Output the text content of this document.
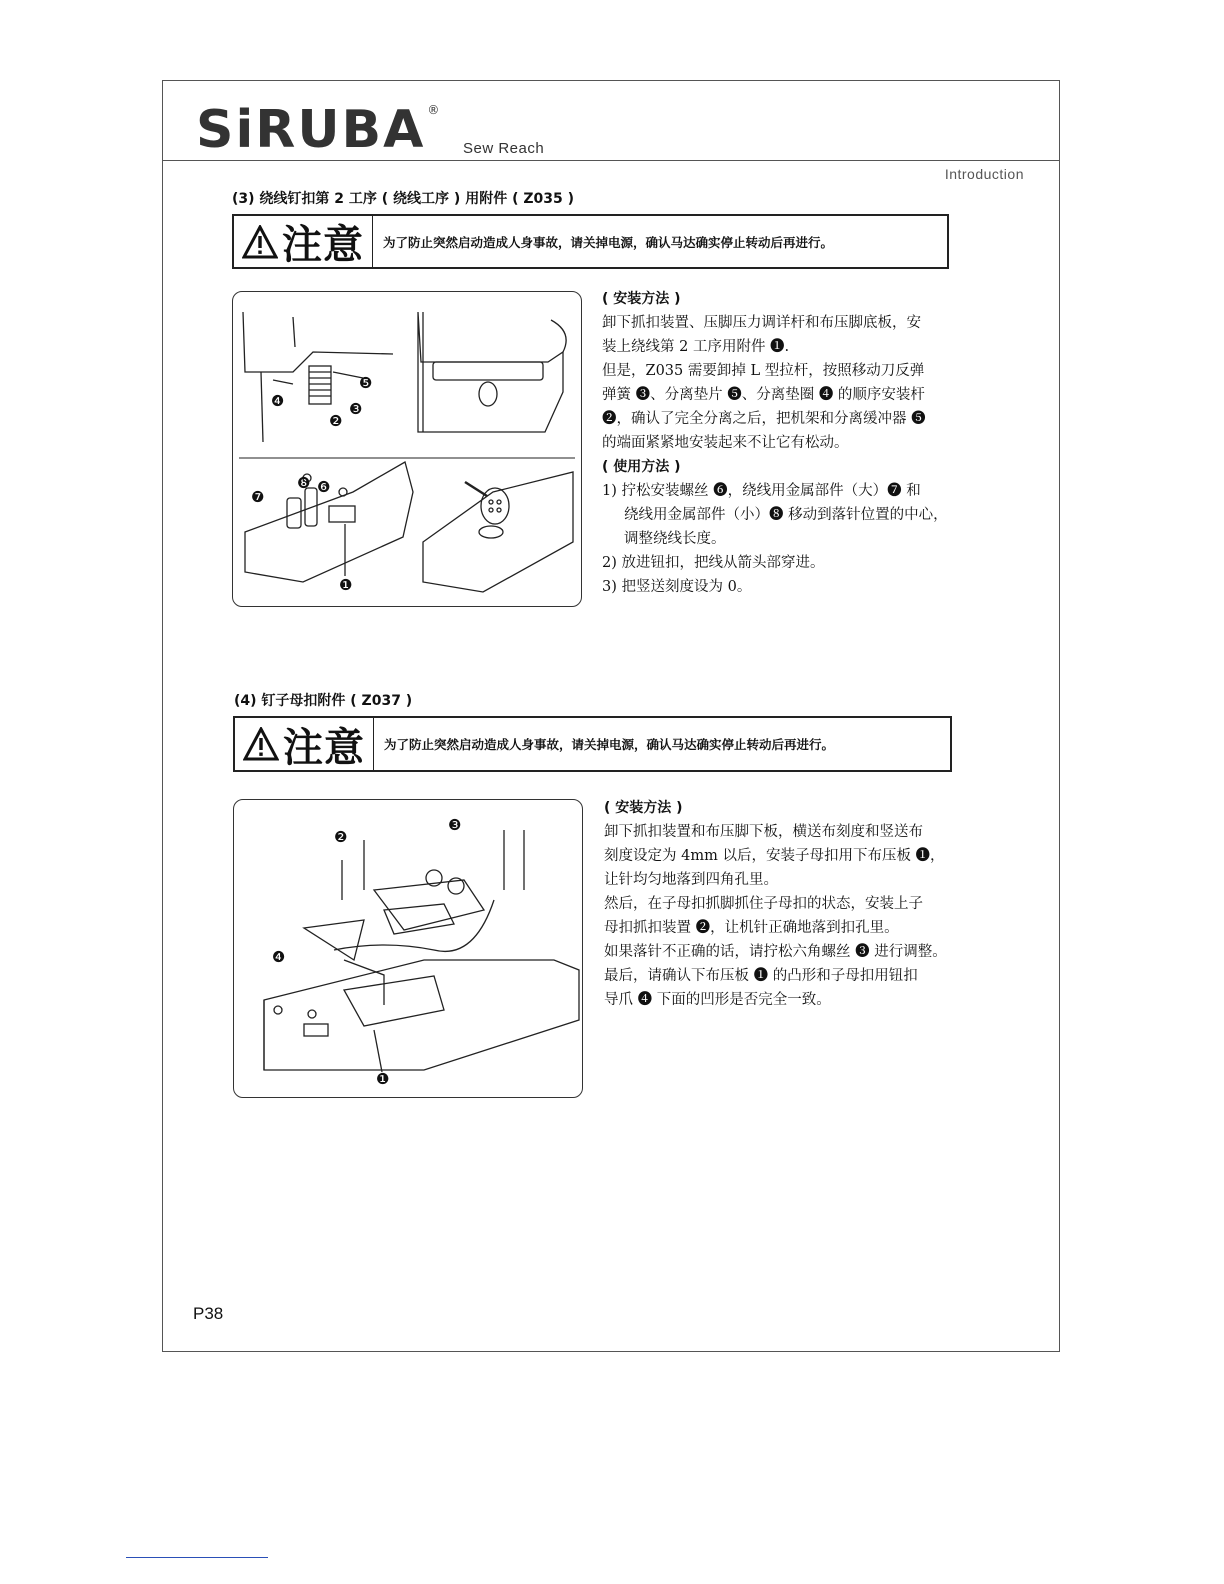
SiRUBA ®
Sew Reach
Introduction
(3) 绕线钉扣第 2 工序 ( 绕线工序 ) 用附件 ( Z035 )
注意	为了防止突然启动造成人身事故，请关掉电源，确认马达确实停止转动后再进行。
❺
❹	❸
❷
❽ ❻
❼
❶
( 安装方法 )
卸下抓扣装置、压脚压力调详杆和布压脚底板，安
装上绕线第 2 工序用附件 ❶.
但是，Z035 需要卸掉 L 型拉杆，按照移动刀反弹
弹簧 ❸、分离垫片 ❺、分离垫圈 ❹ 的顺序安装杆
❷，确认了完全分离之后，把机架和分离缓冲器 ❺
的端面紧紧地安装起来不让它有松动。
( 使用方法 )
1) 拧松安装螺丝 ❻，绕线用金属部件（大）❼ 和
绕线用金属部件（小）❽ 移动到落针位置的中心，
调整绕线长度。
2) 放进钮扣，把线从箭头部穿进。
3) 把竖送刻度设为 0。
(4) 钉子母扣附件 ( Z037 )
注意	为了防止突然启动造成人身事故，请关掉电源，确认马达确实停止转动后再进行。
❷
❸
❹
❶
( 安装方法 )
卸下抓扣装置和布压脚下板，横送布刻度和竖送布
刻度设定为 4mm 以后，安装子母扣用下布压板 ❶，
让针均匀地落到四角孔里。
然后，在子母扣抓脚抓住子母扣的状态，安装上子
母扣抓扣装置 ❷，让机针正确地落到扣孔里。
如果落针不正确的话，请拧松六角螺丝 ❸ 进行调整。
最后，请确认下布压板 ❶ 的凸形和子母扣用钮扣
导爪 ❹ 下面的凹形是否完全一致。
P38
